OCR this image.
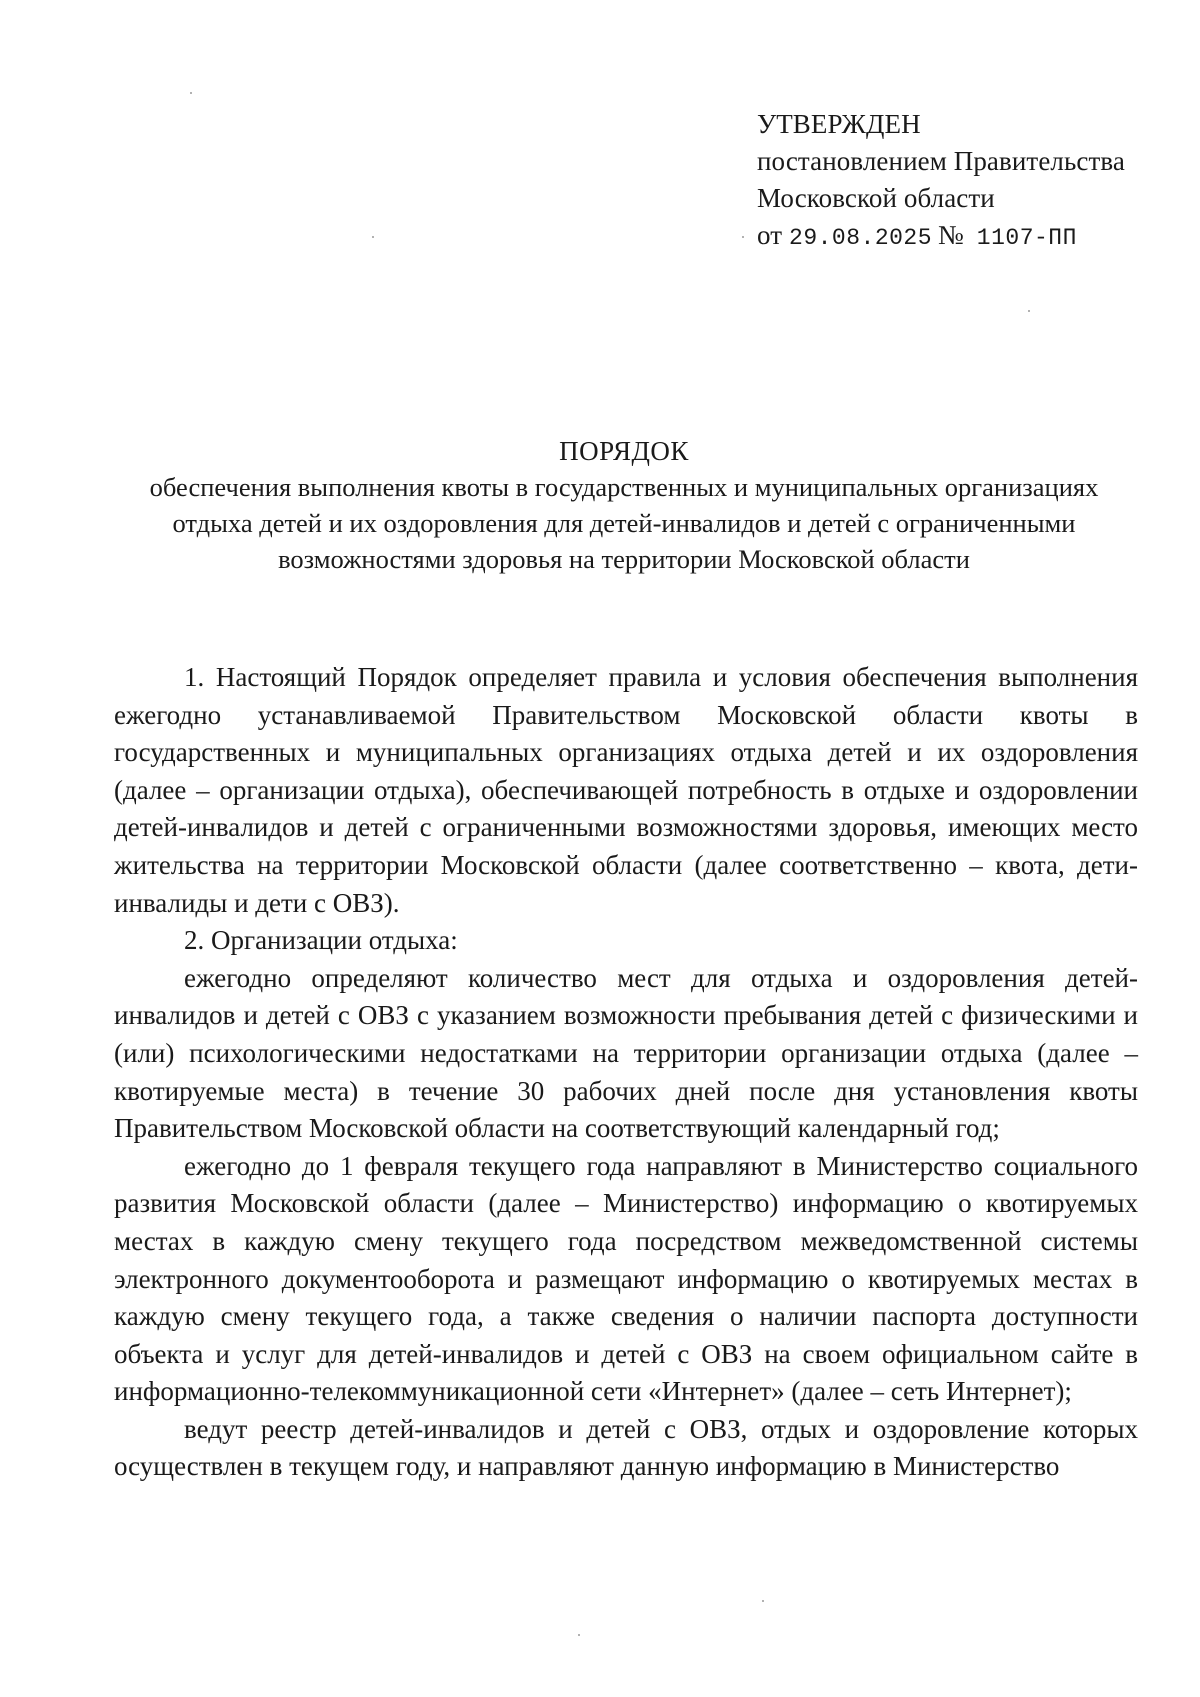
УТВЕРЖДЕН
постановлением Правительства
Московской области
от 29.08.2025 № 1107-ПП
ПОРЯДОК
обеспечения выполнения квоты в государственных и муниципальных организациях
отдыха детей и их оздоровления для детей-инвалидов и детей с ограниченными
возможностями здоровья на территории Московской области

1. Настоящий Порядок определяет правила и условия обеспечения выполнения ежегодно устанавливаемой Правительством Московской области квоты в государственных и муниципальных организациях отдыха детей и их оздоровления (далее – организации отдыха), обеспечивающей потребность в отдыхе и оздоровлении детей-инвалидов и детей с ограниченными возможностями здоровья, имеющих место жительства на территории Московской области (далее соответственно – квота, дети-инвалиды и дети с ОВЗ).

2. Организации отдыха:

ежегодно определяют количество мест для отдыха и оздоровления детей-инвалидов и детей с ОВЗ с указанием возможности пребывания детей с физическими и (или) психологическими недостатками на территории организации отдыха (далее – квотируемые места) в течение 30 рабочих дней после дня установления квоты Правительством Московской области на соответствующий календарный год;

ежегодно до 1 февраля текущего года направляют в Министерство социального развития Московской области (далее – Министерство) информацию о квотируемых местах в каждую смену текущего года посредством межведомственной системы электронного документооборота и размещают информацию о квотируемых местах в каждую смену текущего года, а также сведения о наличии паспорта доступности объекта и услуг для детей-инвалидов и детей с ОВЗ на своем официальном сайте в информационно-телекоммуникационной сети «Интернет» (далее – сеть Интернет);

ведут реестр детей-инвалидов и детей с ОВЗ, отдых и оздоровление которых осуществлен в текущем году, и направляют данную информацию в Министерство
